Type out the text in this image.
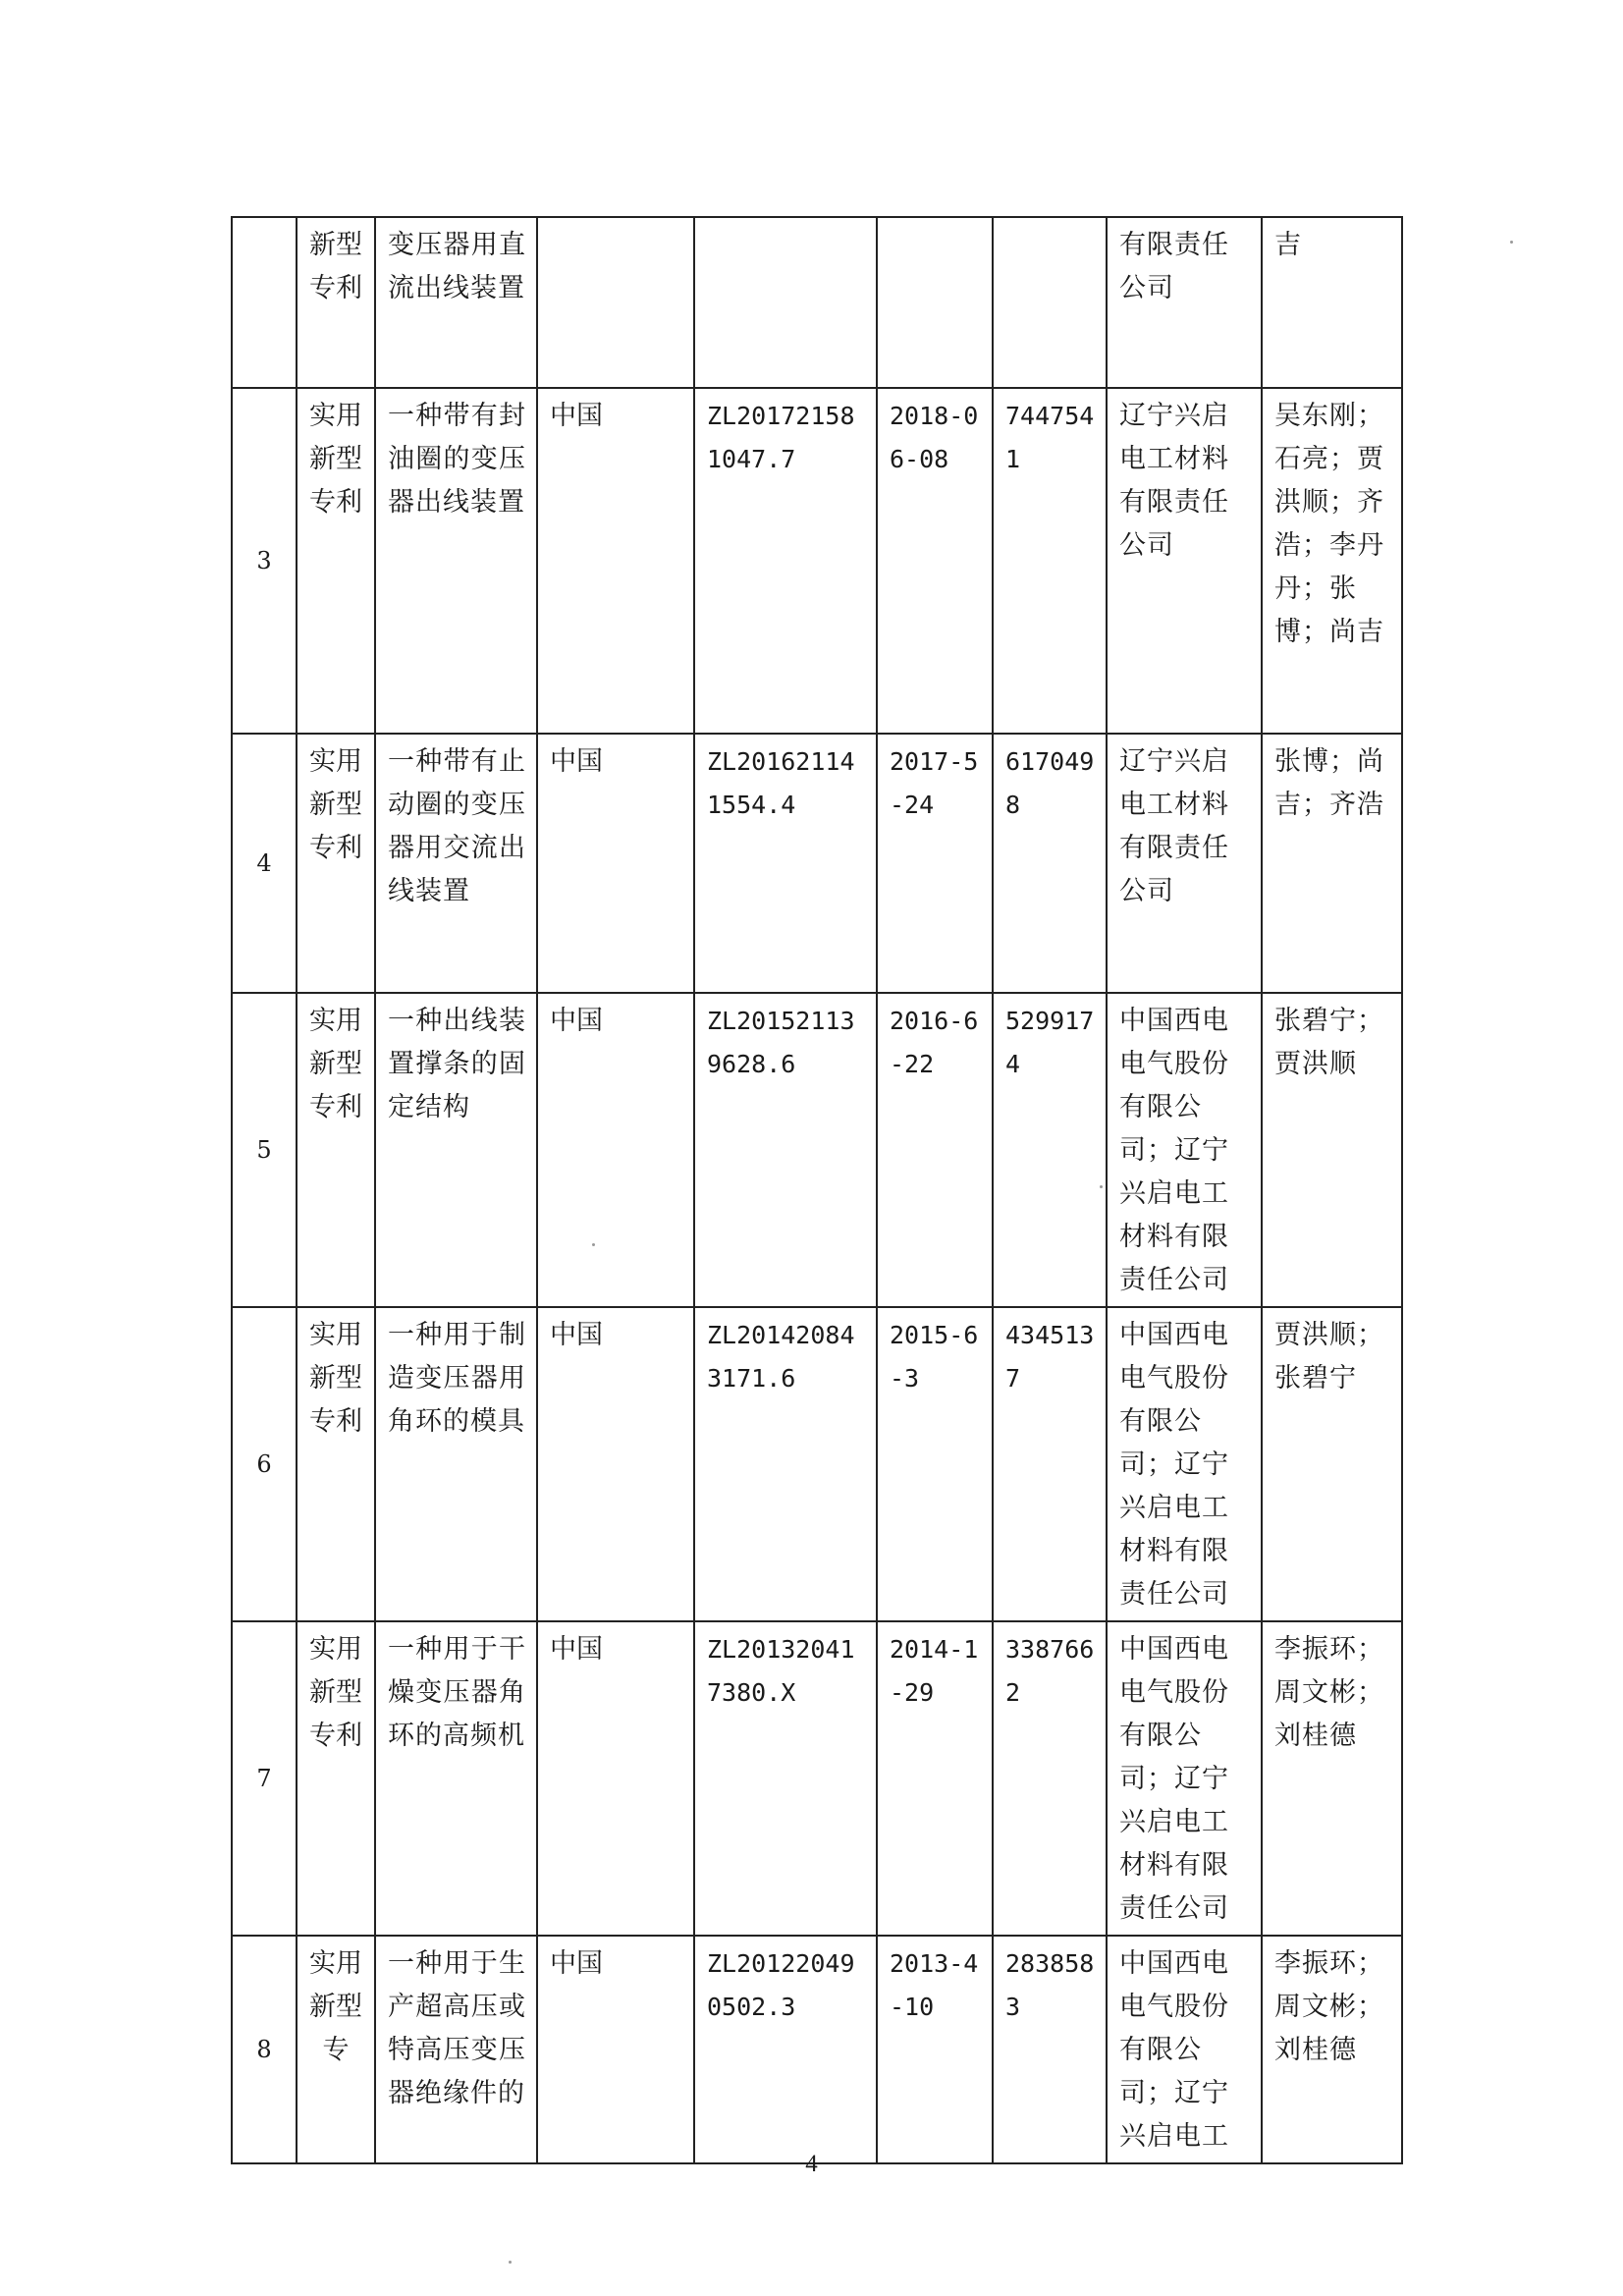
	新型专利	变压器用直流出线装置					有限责任公司	吉
3	实用新型专利	一种带有封油圈的变压器出线装置	中国	ZL201721581047.7	2018-06-08	7447541	辽宁兴启电工材料有限责任公司	吴东刚；石亮；贾洪顺；齐浩；李丹丹；张博；尚吉
4	实用新型专利	一种带有止动圈的变压器用交流出线装置	中国	ZL201621141554.4	2017-5-24	6170498	辽宁兴启电工材料有限责任公司	张博；尚吉；齐浩
5	实用新型专利	一种出线装置撑条的固定结构	中国	ZL201521139628.6	2016-6-22	5299174	中国西电电气股份有限公司；辽宁兴启电工材料有限责任公司	张碧宁；贾洪顺
6	实用新型专利	一种用于制造变压器用角环的模具	中国	ZL201420843171.6	2015-6-3	4345137	中国西电电气股份有限公司；辽宁兴启电工材料有限责任公司	贾洪顺；张碧宁
7	实用新型专利	一种用于干燥变压器角环的高频机	中国	ZL201320417380.X	2014-1-29	3387662	中国西电电气股份有限公司；辽宁兴启电工材料有限责任公司	李振环；周文彬；刘桂德
8	实用新型专	一种用于生产超高压或特高压变压器绝缘件的	中国	ZL201220490502.3	2013-4-10	2838583	中国西电电气股份有限公司；辽宁兴启电工	李振环；周文彬；刘桂德
4
